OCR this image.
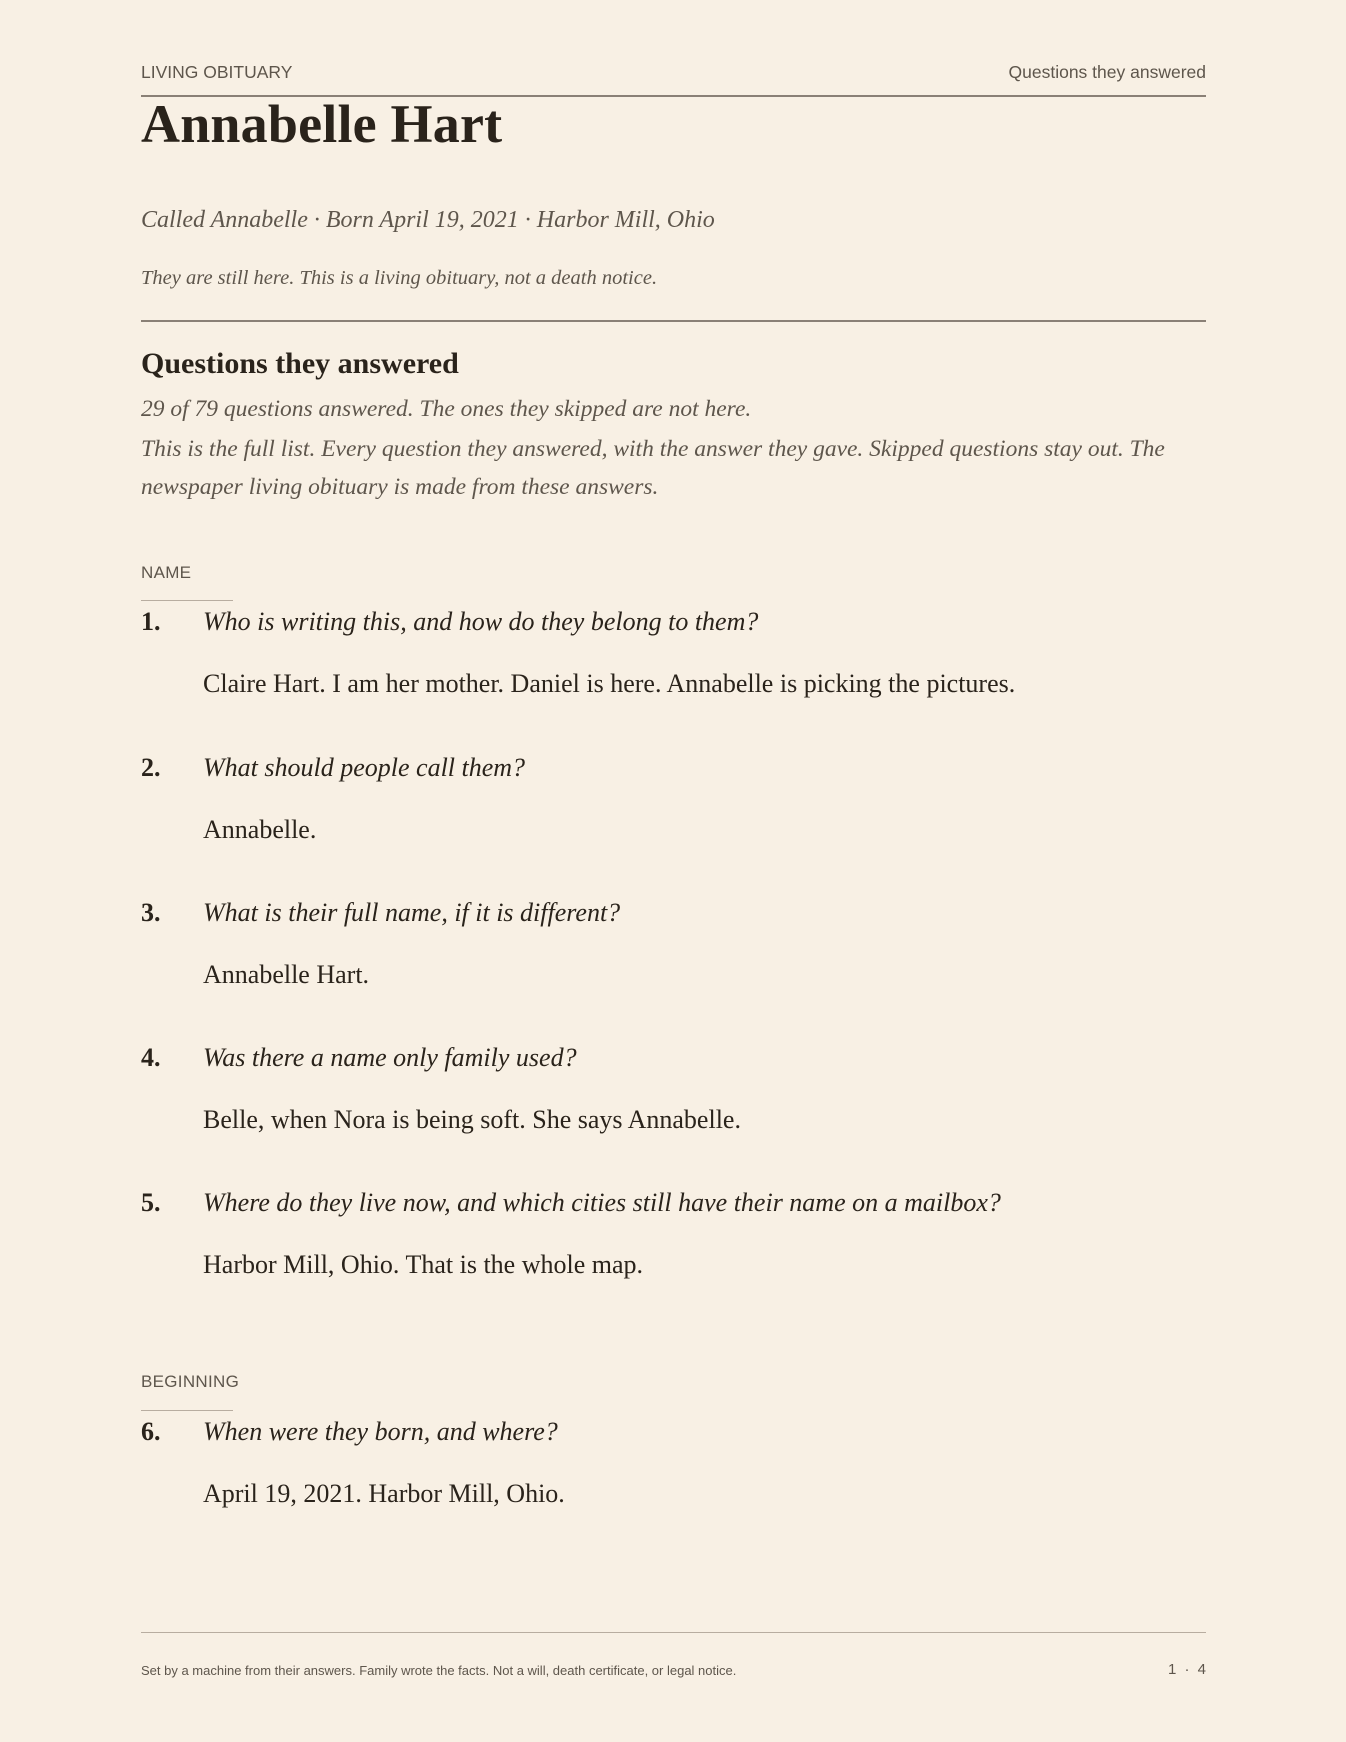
LIVING OBITUARY	Questions they answered
Annabelle Hart

Called Annabelle · Born April 19, 2021 · Harbor Mill, Ohio

They are still here. This is a living obituary, not a death notice.

Questions they answered

29 of 79 questions answered. The ones they skipped are not here.

This is the full list. Every question they answered, with the answer they gave. Skipped questions stay out. The newspaper living obituary is made from these answers.

NAME
1. Who is writing this, and how do they belong to them?
Claire Hart. I am her mother. Daniel is here. Annabelle is picking the pictures.
2. What should people call them?
Annabelle.
3. What is their full name, if it is different?
Annabelle Hart.
4. Was there a name only family used?
Belle, when Nora is being soft. She says Annabelle.
5. Where do they live now, and which cities still have their name on a mailbox?
Harbor Mill, Ohio. That is the whole map.
BEGINNING
6. When were they born, and where?
April 19, 2021. Harbor Mill, Ohio.
Set by a machine from their answers. Family wrote the facts. Not a will, death certificate, or legal notice.	1 · 4
